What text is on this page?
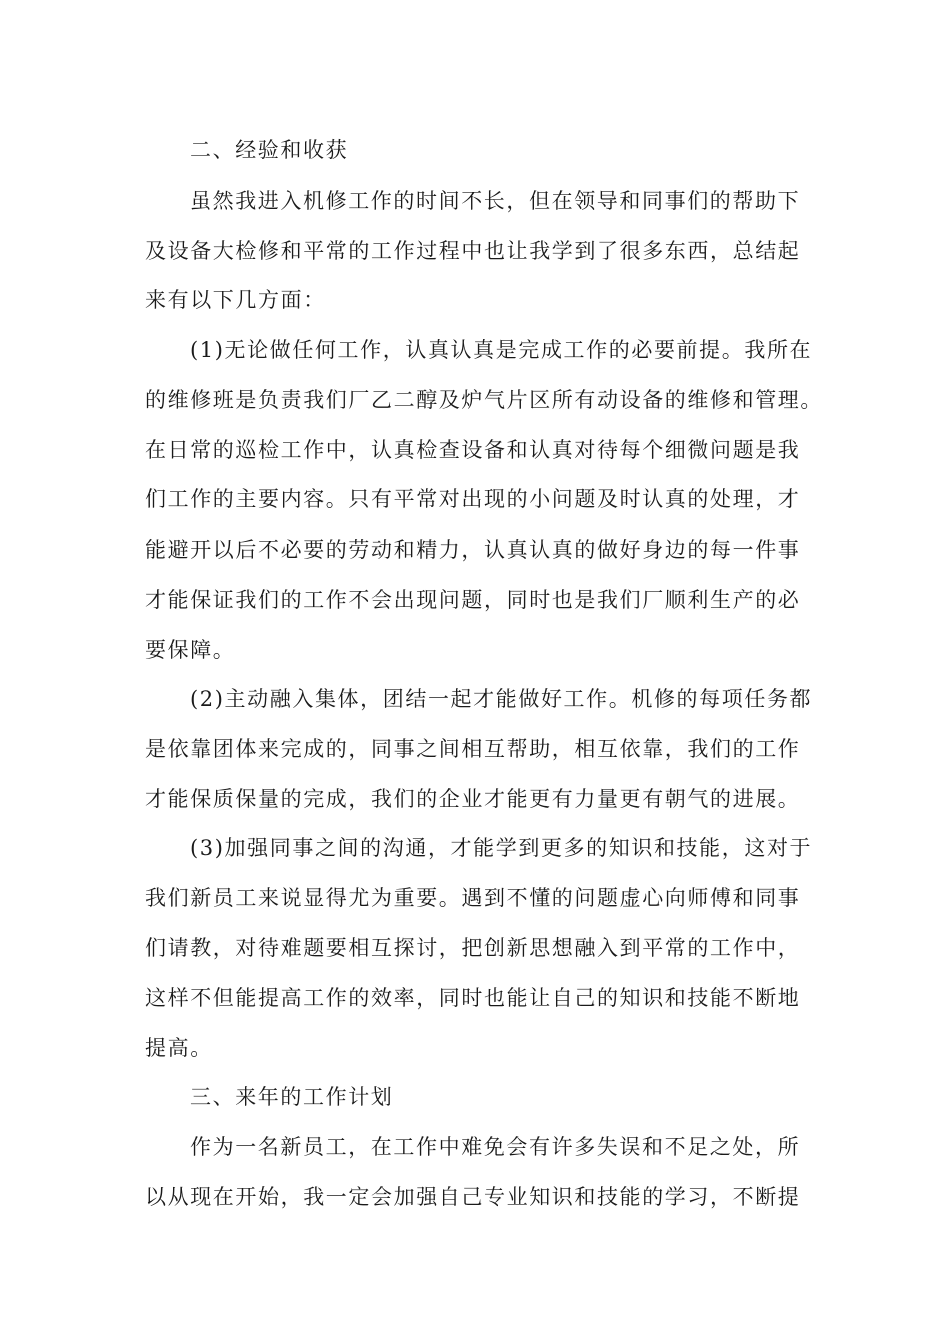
二、经验和收获
虽然我进入机修工作的时间不长，但在领导和同事们的帮助下
及设备大检修和平常的工作过程中也让我学到了很多东西，总结起
来有以下几方面：
(1)无论做任何工作，认真认真是完成工作的必要前提。我所在
的维修班是负责我们厂乙二醇及炉气片区所有动设备的维修和管理。
在日常的巡检工作中，认真检查设备和认真对待每个细微问题是我
们工作的主要内容。只有平常对出现的小问题及时认真的处理，才
能避开以后不必要的劳动和精力，认真认真的做好身边的每一件事
才能保证我们的工作不会出现问题，同时也是我们厂顺利生产的必
要保障。
(2)主动融入集体，团结一起才能做好工作。机修的每项任务都
是依靠团体来完成的，同事之间相互帮助，相互依靠，我们的工作
才能保质保量的完成，我们的企业才能更有力量更有朝气的进展。
(3)加强同事之间的沟通，才能学到更多的知识和技能，这对于
我们新员工来说显得尤为重要。遇到不懂的问题虚心向师傅和同事
们请教，对待难题要相互探讨，把创新思想融入到平常的工作中，
这样不但能提高工作的效率，同时也能让自己的知识和技能不断地
提高。
三、来年的工作计划
作为一名新员工，在工作中难免会有许多失误和不足之处，所
以从现在开始，我一定会加强自己专业知识和技能的学习，不断提
